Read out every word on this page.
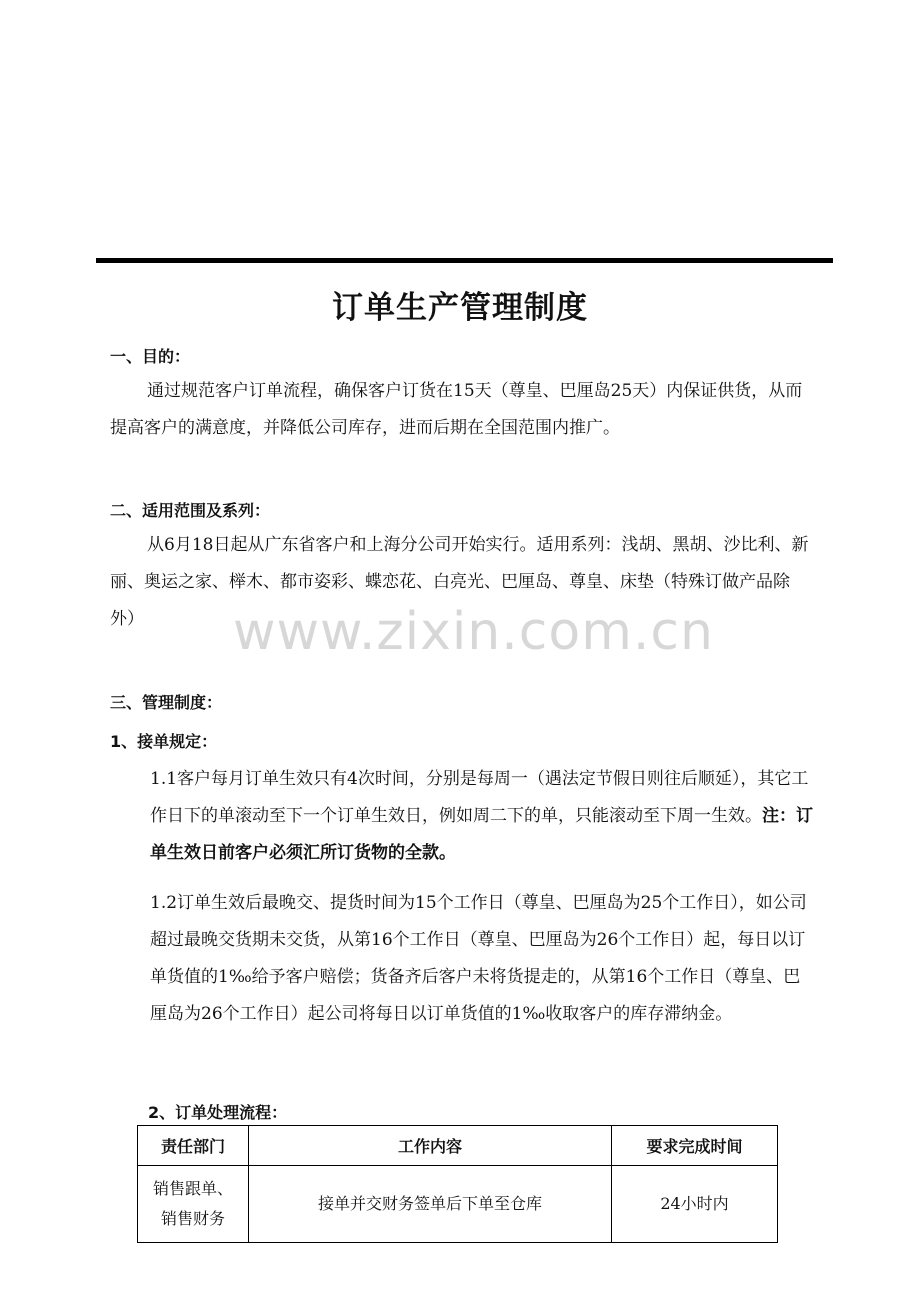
订单生产管理制度
一、目的：
通过规范客户订单流程，确保客户订货在15天（尊皇、巴厘岛25天）内保证供货，从而提高客户的满意度，并降低公司库存，进而后期在全国范围内推广。
二、适用范围及系列：
从6月18日起从广东省客户和上海分公司开始实行。适用系列：浅胡、黑胡、沙比利、新丽、奥运之家、榉木、都市姿彩、蝶恋花、白亮光、巴厘岛、尊皇、床垫（特殊订做产品除外）	www.zixin.com.cn
三、管理制度：
1、接单规定：
1.1客户每月订单生效只有4次时间，分别是每周一（遇法定节假日则往后顺延），其它工作日下的单滚动至下一个订单生效日，例如周二下的单，只能滚动至下周一生效。注：订单生效日前客户必须汇所订货物的全款。
1.2订单生效后最晚交、提货时间为15个工作日（尊皇、巴厘岛为25个工作日），如公司超过最晚交货期未交货，从第16个工作日（尊皇、巴厘岛为26个工作日）起，每日以订单货值的1‰给予客户赔偿；货备齐后客户未将货提走的，从第16个工作日（尊皇、巴厘岛为26个工作日）起公司将每日以订单货值的1‰收取客户的库存滞纳金。
2、订单处理流程：
责任部门	工作内容	要求完成时间

销售跟单、
销售财务	接单并交财务签单后下单至仓库	24小时内
